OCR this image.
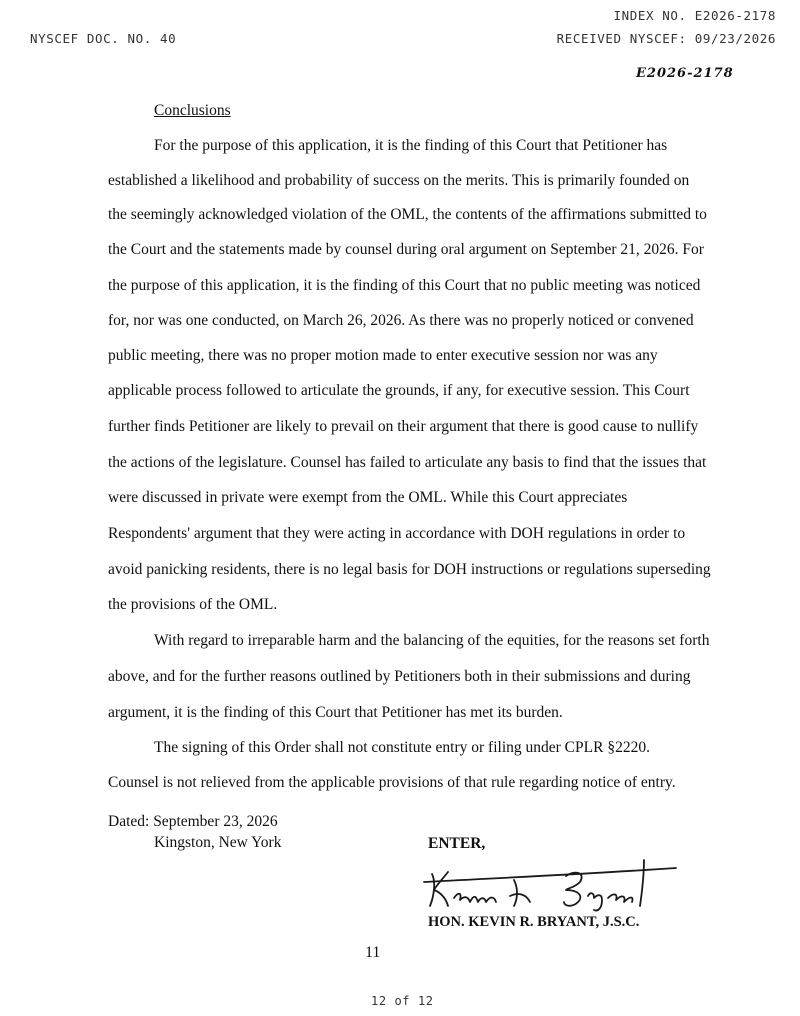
INDEX NO. E2026-2178
NYSCEF DOC. NO. 40	RECEIVED NYSCEF: 09/23/2026
E2026-2178
Conclusions
For the purpose of this application, it is the finding of this Court that Petitioner has
established a likelihood and probability of success on the merits. This is primarily founded on
the seemingly acknowledged violation of the OML, the contents of the affirmations submitted to
the Court and the statements made by counsel during oral argument on September 21, 2026. For
the purpose of this application, it is the finding of this Court that no public meeting was noticed
for, nor was one conducted, on March 26, 2026. As there was no properly noticed or convened
public meeting, there was no proper motion made to enter executive session nor was any
applicable process followed to articulate the grounds, if any, for executive session. This Court
further finds Petitioner are likely to prevail on their argument that there is good cause to nullify
the actions of the legislature. Counsel has failed to articulate any basis to find that the issues that
were discussed in private were exempt from the OML. While this Court appreciates
Respondents' argument that they were acting in accordance with DOH regulations in order to
avoid panicking residents, there is no legal basis for DOH instructions or regulations superseding
the provisions of the OML.
With regard to irreparable harm and the balancing of the equities, for the reasons set forth
above, and for the further reasons outlined by Petitioners both in their submissions and during
argument, it is the finding of this Court that Petitioner has met its burden.
The signing of this Order shall not constitute entry or filing under CPLR §2220.
Counsel is not relieved from the applicable provisions of that rule regarding notice of entry.
Dated: September 23, 2026
Kingston, New York	ENTER,
HON. KEVIN R. BRYANT, J.S.C.
11
12 of 12
